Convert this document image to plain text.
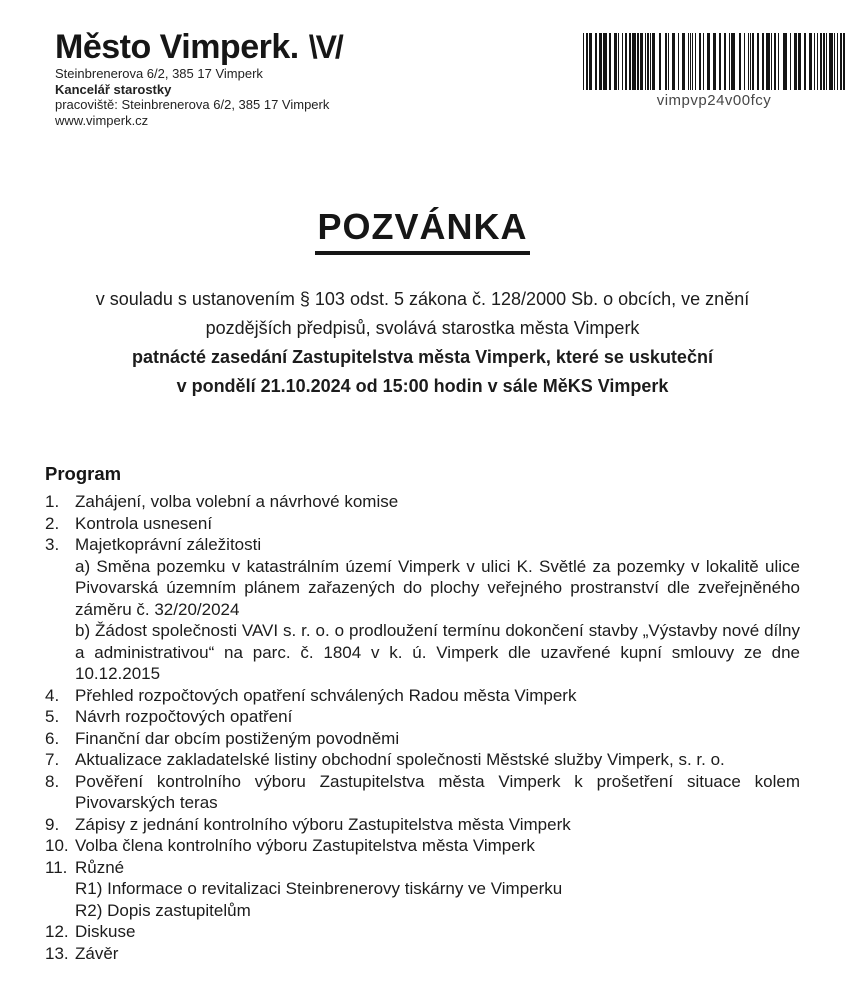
Město Vimperk. \V/
Steinbrenerova 6/2, 385 17 Vimperk
Kancelář starostky
pracoviště: Steinbrenerova 6/2, 385 17 Vimperk
www.vimperk.cz
vimpvp24v00fcy
POZVÁNKA
v souladu s ustanovením § 103 odst. 5 zákona č. 128/2000 Sb. o obcích, ve znění
pozdějších předpisů, svolává starostka města Vimperk
patnácté zasedání Zastupitelstva města Vimperk, které se uskuteční
v pondělí 21.10.2024 od 15:00 hodin v sále MěKS Vimperk
Program
1. Zahájení, volba volební a návrhové komise
2. Kontrola usnesení
3. Majetkoprávní záležitosti
a) Směna pozemku v katastrálním území Vimperk v ulici K. Světlé za pozemky v lokalitě ulice Pivovarská územním plánem zařazených do plochy veřejného prostranství dle zveřejněného záměru č. 32/20/2024
b) Žádost společnosti VAVI s. r. o. o prodloužení termínu dokončení stavby „Výstavby nové dílny a administrativou“ na parc. č. 1804 v k. ú. Vimperk dle uzavřené kupní smlouvy ze dne 10.12.2015
4. Přehled rozpočtových opatření schválených Radou města Vimperk
5. Návrh rozpočtových opatření
6. Finanční dar obcím postiženým povodněmi
7. Aktualizace zakladatelské listiny obchodní společnosti Městské služby Vimperk, s. r. o.
8. Pověření kontrolního výboru Zastupitelstva města Vimperk k prošetření situace kolem Pivovarských teras
9. Zápisy z jednání kontrolního výboru Zastupitelstva města Vimperk
10. Volba člena kontrolního výboru Zastupitelstva města Vimperk
11. Různé
R1) Informace o revitalizaci Steinbrenerovy tiskárny ve Vimperku
R2) Dopis zastupitelům
12. Diskuse
13. Závěr
